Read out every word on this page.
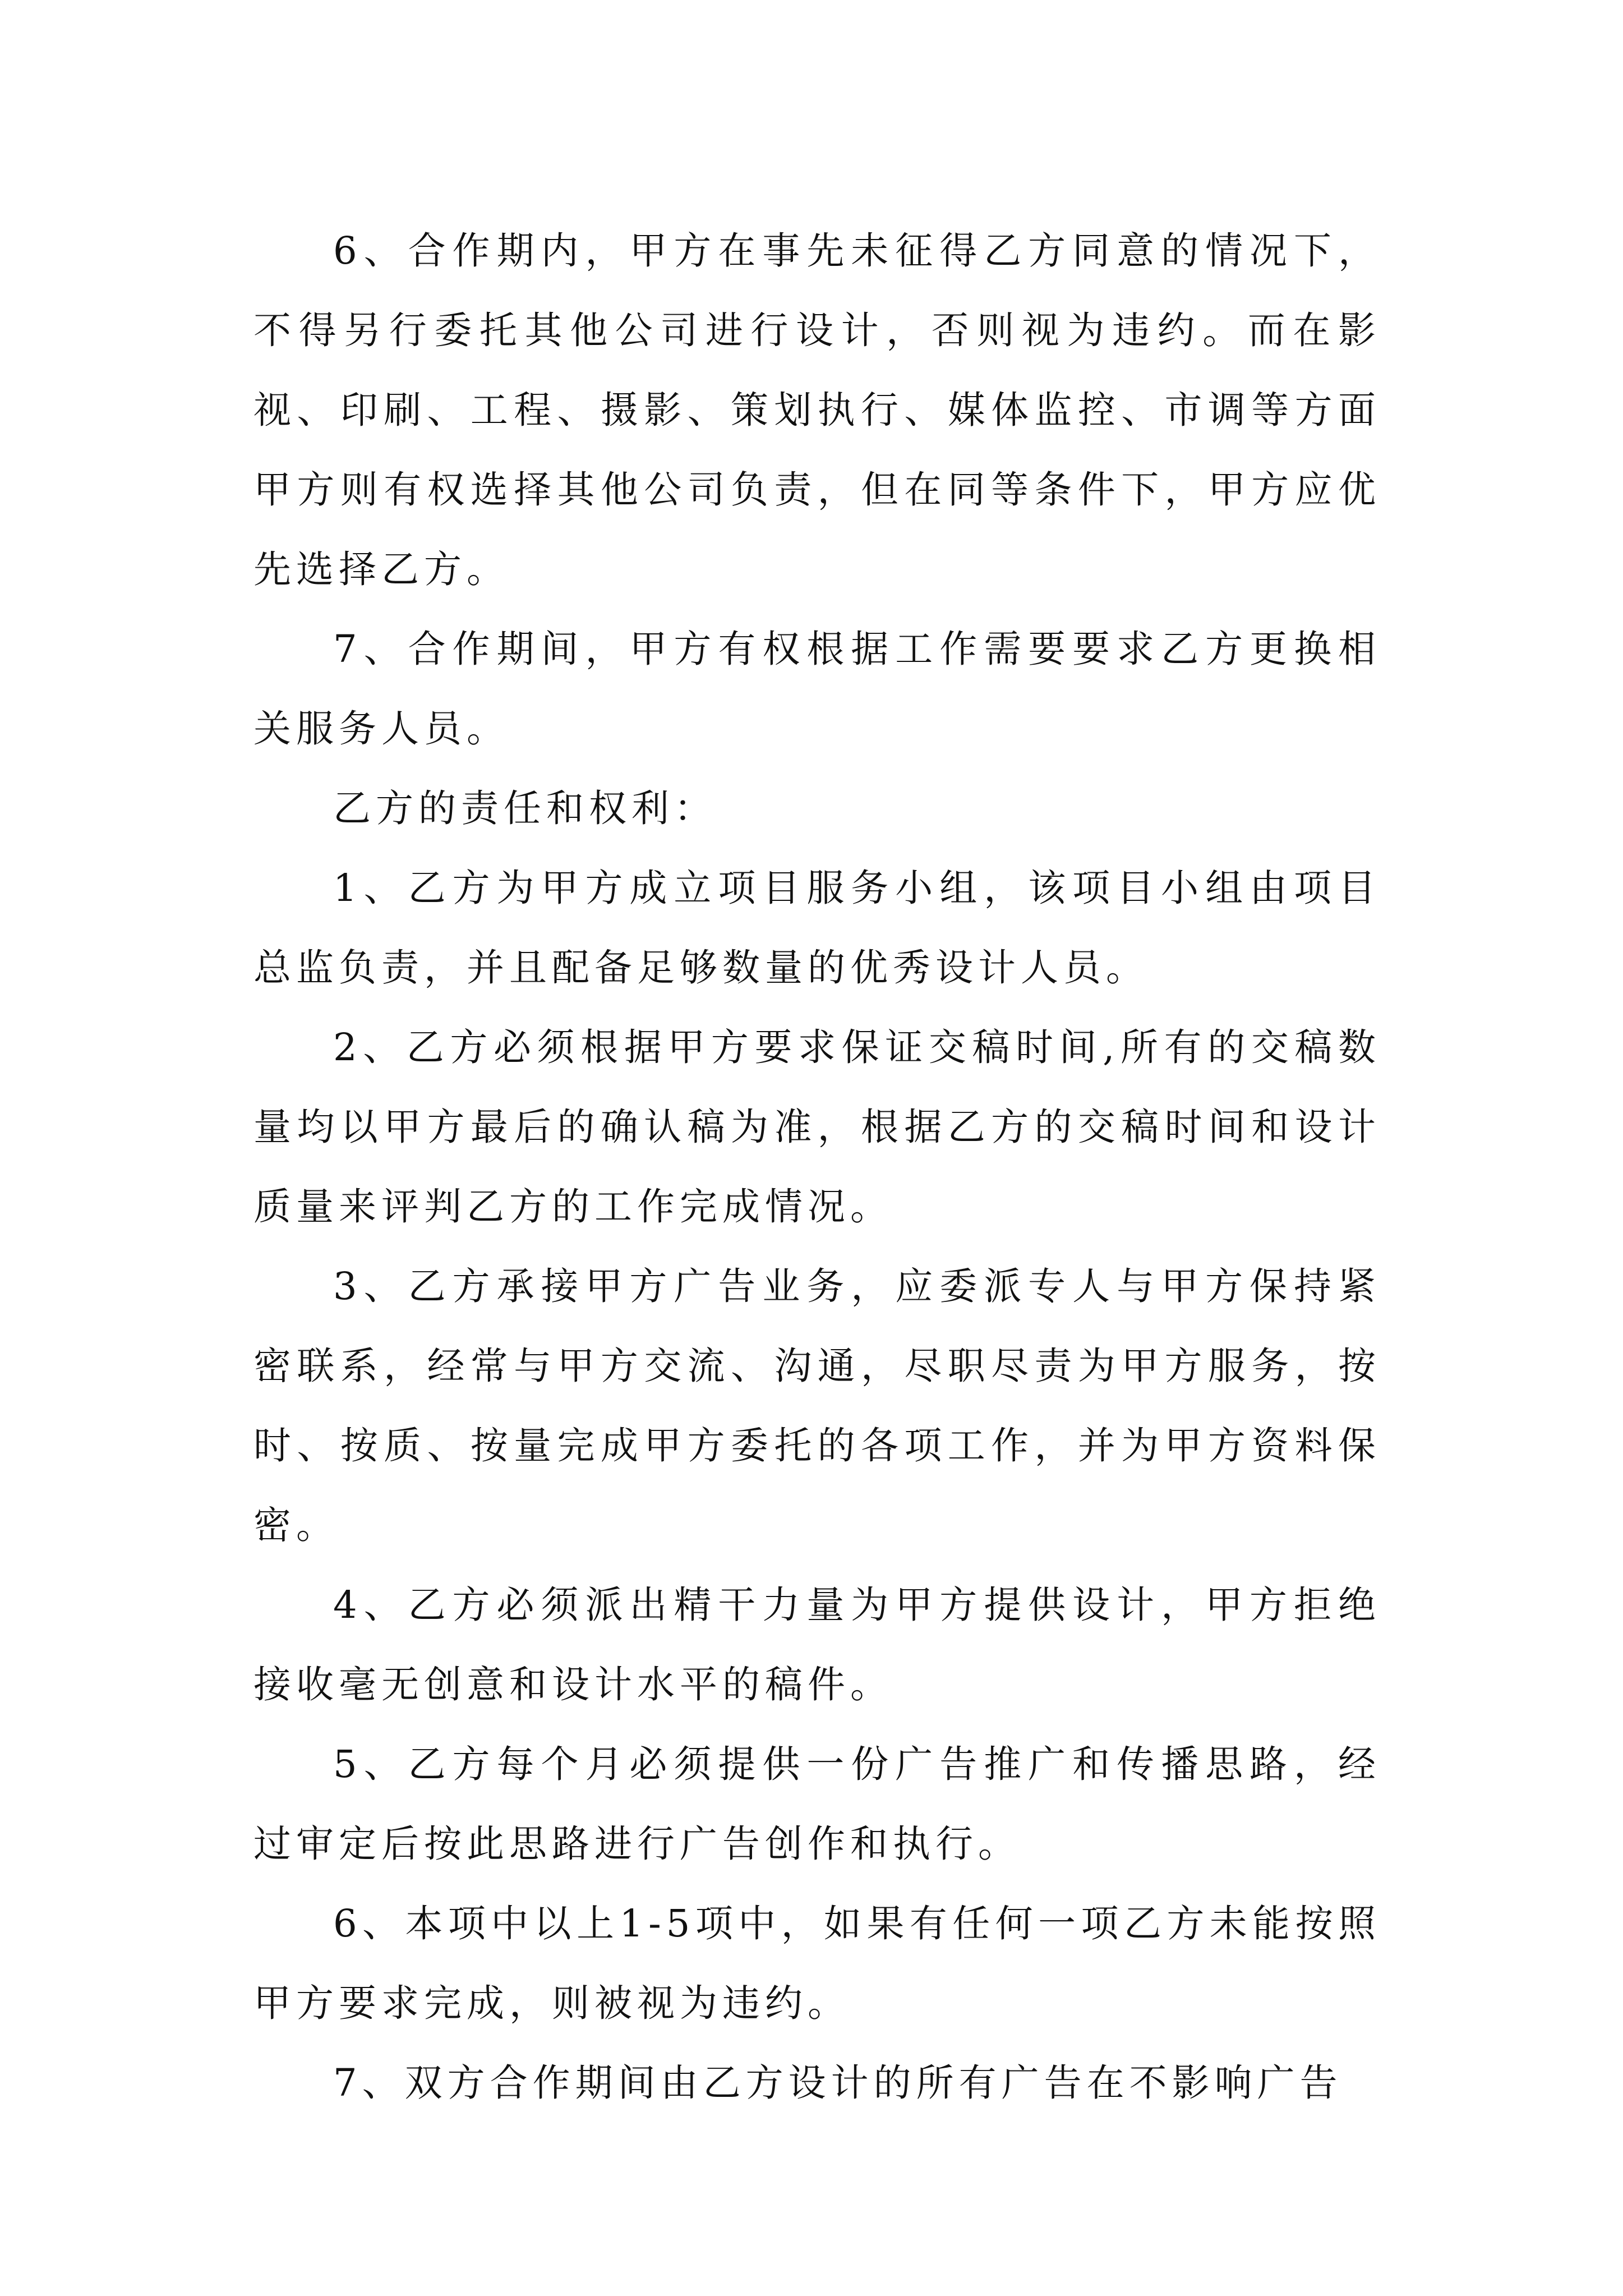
6、合作期内，甲方在事先未征得乙方同意的情况下，不得另行委托其他公司进行设计，否则视为违约。而在影视、印刷、工程、摄影、策划执行、媒体监控、市调等方面甲方则有权选择其他公司负责，但在同等条件下，甲方应优先选择乙方。

7、合作期间，甲方有权根据工作需要要求乙方更换相关服务人员。

乙方的责任和权利：

1、乙方为甲方成立项目服务小组，该项目小组由项目总监负责，并且配备足够数量的优秀设计人员。

2、乙方必须根据甲方要求保证交稿时间,所有的交稿数量均以甲方最后的确认稿为准，根据乙方的交稿时间和设计质量来评判乙方的工作完成情况。

3、乙方承接甲方广告业务，应委派专人与甲方保持紧密联系，经常与甲方交流、沟通，尽职尽责为甲方服务，按时、按质、按量完成甲方委托的各项工作，并为甲方资料保密。

4、乙方必须派出精干力量为甲方提供设计，甲方拒绝接收毫无创意和设计水平的稿件。

5、乙方每个月必须提供一份广告推广和传播思路，经过审定后按此思路进行广告创作和执行。

6、本项中以上1-5项中，如果有任何一项乙方未能按照甲方要求完成，则被视为违约。

7、双方合作期间由乙方设计的所有广告在不影响广告
